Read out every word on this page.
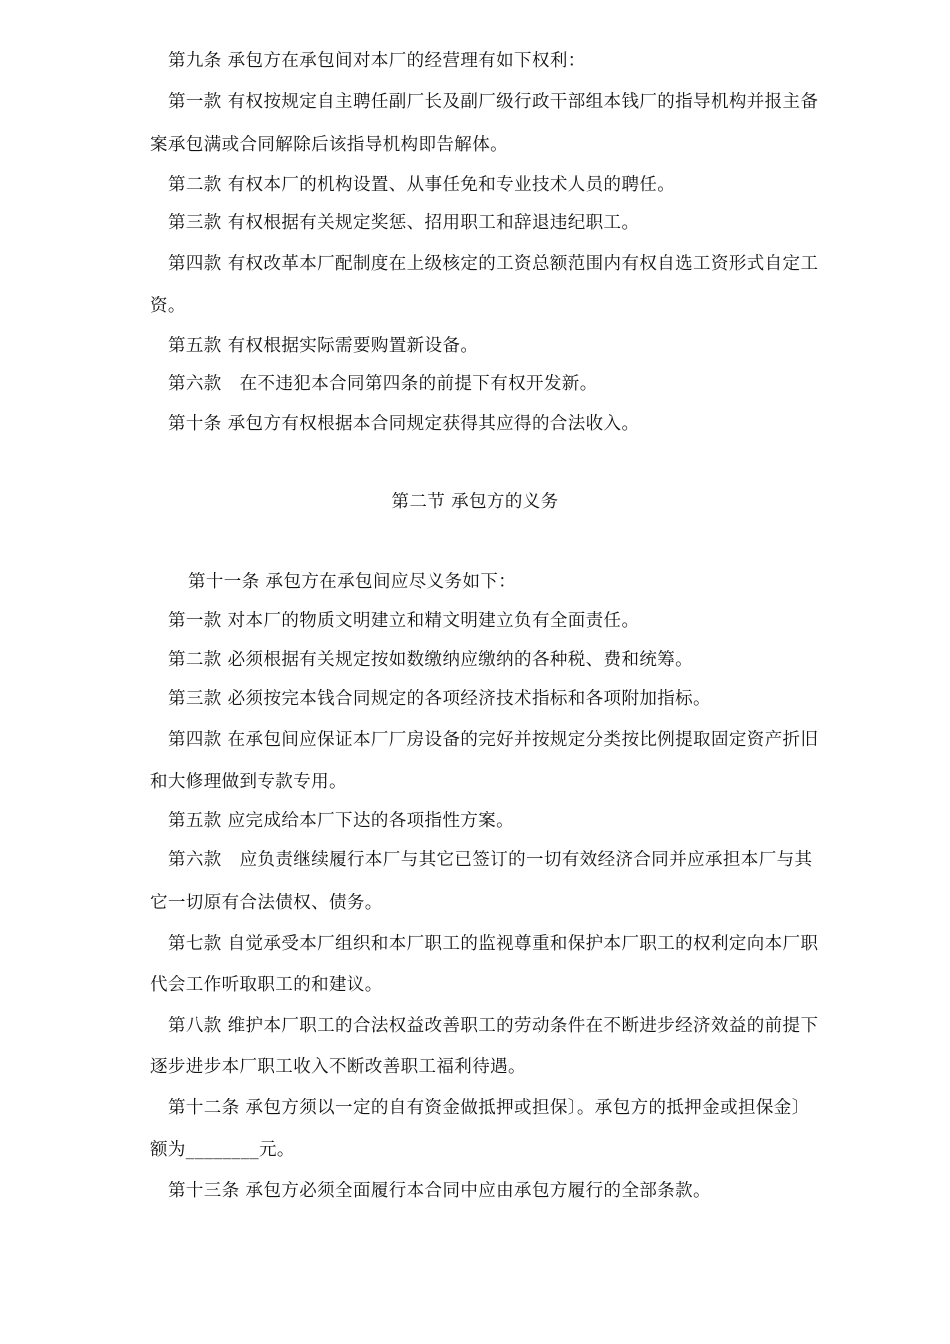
第九条 承包方在承包间对本厂的经营理有如下权利：
第一款 有权按规定自主聘任副厂长及副厂级行政干部组本钱厂的指导机构并报主备
案承包满或合同解除后该指导机构即告解体。
第二款 有权本厂的机构设置、从事任免和专业技术人员的聘任。
第三款 有权根据有关规定奖惩、招用职工和辞退违纪职工。
第四款 有权改革本厂配制度在上级核定的工资总额范围内有权自选工资形式自定工
资。
第五款 有权根据实际需要购置新设备。
第六款　在不违犯本合同第四条的前提下有权开发新。
第十条 承包方有权根据本合同规定获得其应得的合法收入。
第二节 承包方的义务
第十一条 承包方在承包间应尽义务如下：
第一款 对本厂的物质文明建立和精文明建立负有全面责任。
第二款 必须根据有关规定按如数缴纳应缴纳的各种税、费和统筹。
第三款 必须按完本钱合同规定的各项经济技术指标和各项附加指标。
第四款 在承包间应保证本厂厂房设备的完好并按规定分类按比例提取固定资产折旧
和大修理做到专款专用。
第五款 应完成给本厂下达的各项指性方案。
第六款　应负责继续履行本厂与其它已签订的一切有效经济合同并应承担本厂与其
它一切原有合法债权、债务。
第七款 自觉承受本厂组织和本厂职工的监视尊重和保护本厂职工的权利定向本厂职
代会工作听取职工的和建议。
第八款 维护本厂职工的合法权益改善职工的劳动条件在不断进步经济效益的前提下
逐步进步本厂职工收入不断改善职工福利待遇。
第十二条 承包方须以一定的自有资金做抵押或担保〕。承包方的抵押金或担保金〕
额为________元。
第十三条 承包方必须全面履行本合同中应由承包方履行的全部条款。
